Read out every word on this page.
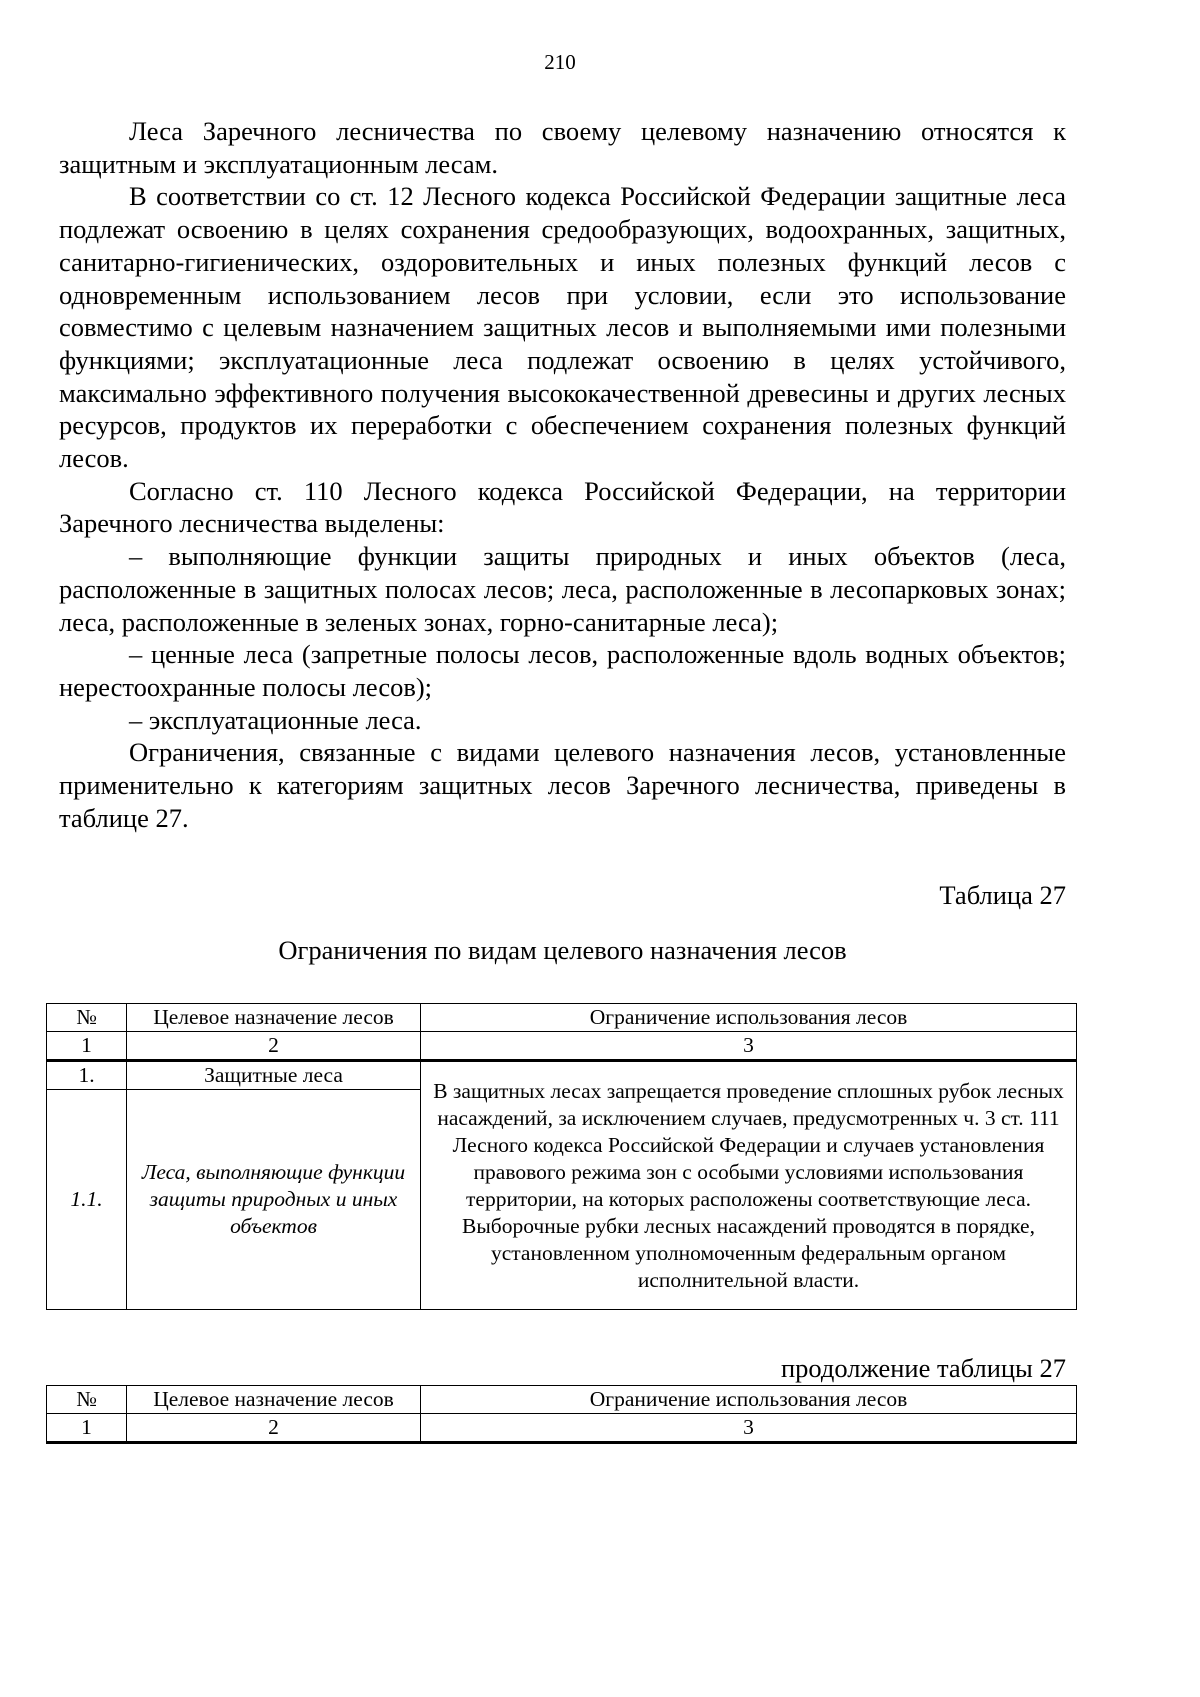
210

Леса Заречного лесничества по своему целевому назначению относятся к защитным и эксплуатационным лесам.

В соответствии со ст. 12 Лесного кодекса Российской Федерации защитные леса подлежат освоению в целях сохранения средообразующих, водоохранных, защитных, санитарно-гигиенических, оздоровительных и иных полезных функций лесов с одновременным использованием лесов при условии, если это использование совместимо с целевым назначением защитных лесов и выполняемыми ими полезными функциями; эксплуатационные леса подлежат освоению в целях устойчивого, максимально эффективного получения высококачественной древесины и других лесных ресурсов, продуктов их переработки с обеспечением сохранения полезных функций лесов.

Согласно ст. 110 Лесного кодекса Российской Федерации, на территории Заречного лесничества выделены:

– выполняющие функции защиты природных и иных объектов (леса, расположенные в защитных полосах лесов; леса, расположенные в лесопарковых зонах; леса, расположенные в зеленых зонах, горно-санитарные леса);

– ценные леса (запретные полосы лесов, расположенные вдоль водных объектов; нерестоохранные полосы лесов);

– эксплуатационные леса.

Ограничения, связанные с видами целевого назначения лесов, установленные применительно к категориям защитных лесов Заречного лесничества, приведены в таблице 27.

Таблица 27
Ограничения по видам целевого назначения лесов
№	Целевое назначение лесов	Ограничение использования лесов
1	2	3
1.	Защитные леса	В защитных лесах запрещается проведение сплошных рубок лесных насаждений, за исключением случаев, предусмотренных ч. 3 ст. 111 Лесного кодекса Российской Федерации и случаев установления правового режима зон с особыми условиями использования территории, на которых расположены соответствующие леса.
Выборочные рубки лесных насаждений проводятся в порядке, установленном уполномоченным федеральным органом исполнительной власти.

1.1.	Леса, выполняющие функции защиты природных и иных объектов	
продолжение таблицы 27
№	Целевое назначение лесов	Ограничение использования лесов
1	2	3
